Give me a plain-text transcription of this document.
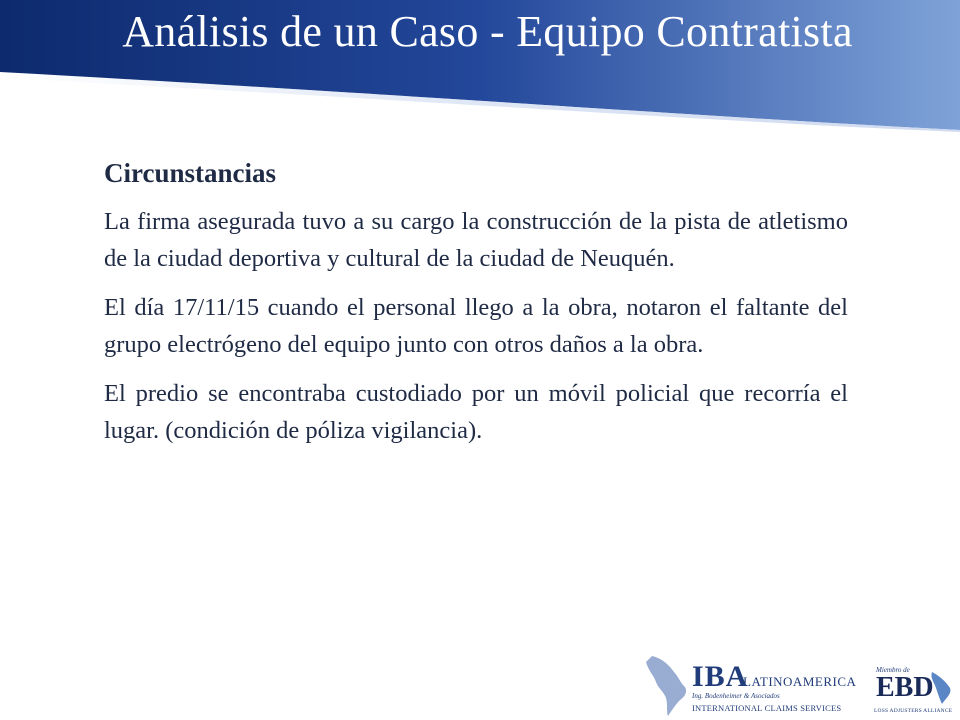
Análisis de un Caso - Equipo Contratista
Circunstancias

La firma asegurada tuvo a su cargo la construcción de la pista de atletismo de la ciudad deportiva y cultural de la ciudad de Neuquén.

El día 17/11/15 cuando el personal llego a la obra, notaron el faltante del grupo electrógeno del equipo junto con otros daños a la obra.

El predio se encontraba custodiado por un móvil policial que recorría el lugar. (condición de póliza vigilancia).

IBA
LATINOAMERICA
Ing. Bodenheimer & Asociados
INTERNATIONAL CLAIMS SERVICES
Miembro de
EBD
LOSS ADJUSTERS ALLIANCE
